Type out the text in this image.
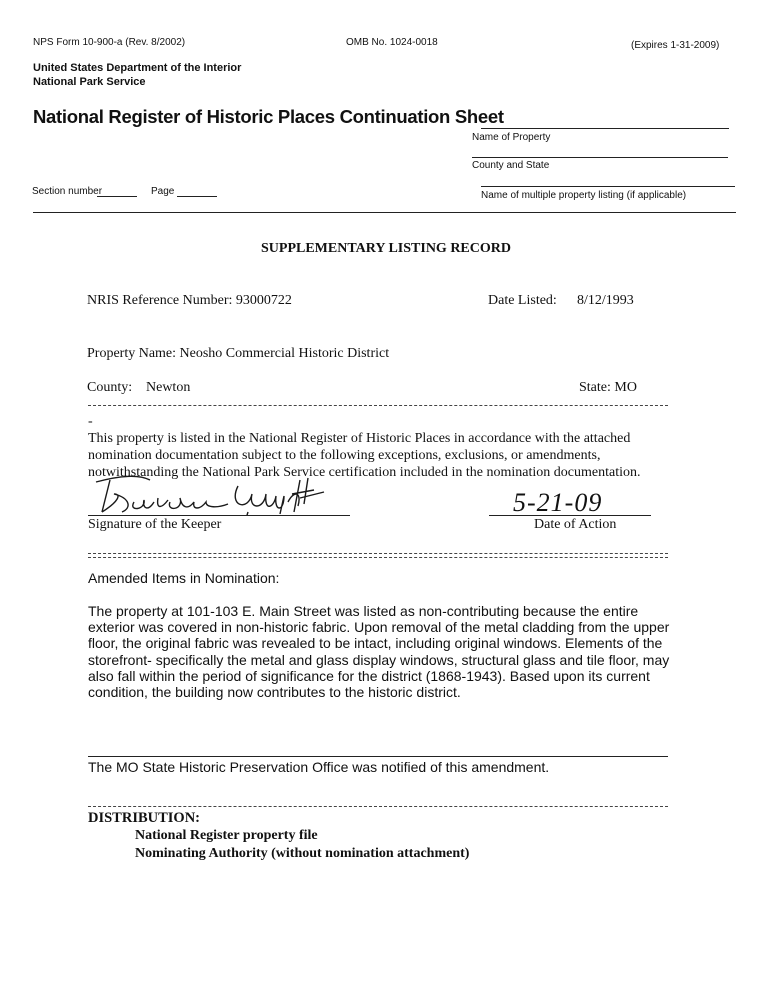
NPS Form 10-900-a (Rev. 8/2002)	OMB No. 1024-0018	(Expires 1-31-2009)
United States Department of the Interior
National Park Service
National Register of Historic Places Continuation Sheet
Name of Property
County and State
Name of multiple property listing (if applicable)
Section number	Page
SUPPLEMENTARY LISTING RECORD
NRIS Reference Number: 93000722	Date Listed: 8/12/1993
Property Name: Neosho Commercial Historic District
County: Newton	State: MO
-
This property is listed in the National Register of Historic Places in accordance with the attached nomination documentation subject to the following exceptions, exclusions, or amendments, notwithstanding the National Park Service certification included in the nomination documentation.
Signature of the Keeper
5-21-09
Date of Action
Amended Items in Nomination:
The property at 101-103 E. Main Street was listed as non-contributing because the entire exterior was covered in non-historic fabric. Upon removal of the metal cladding from the upper floor, the original fabric was revealed to be intact, including original windows. Elements of the storefront- specifically the metal and glass display windows, structural glass and tile floor, may also fall within the period of significance for the district (1868-1943). Based upon its current condition, the building now contributes to the historic district.
The MO State Historic Preservation Office was notified of this amendment.
DISTRIBUTION:
National Register property file
Nominating Authority (without nomination attachment)
